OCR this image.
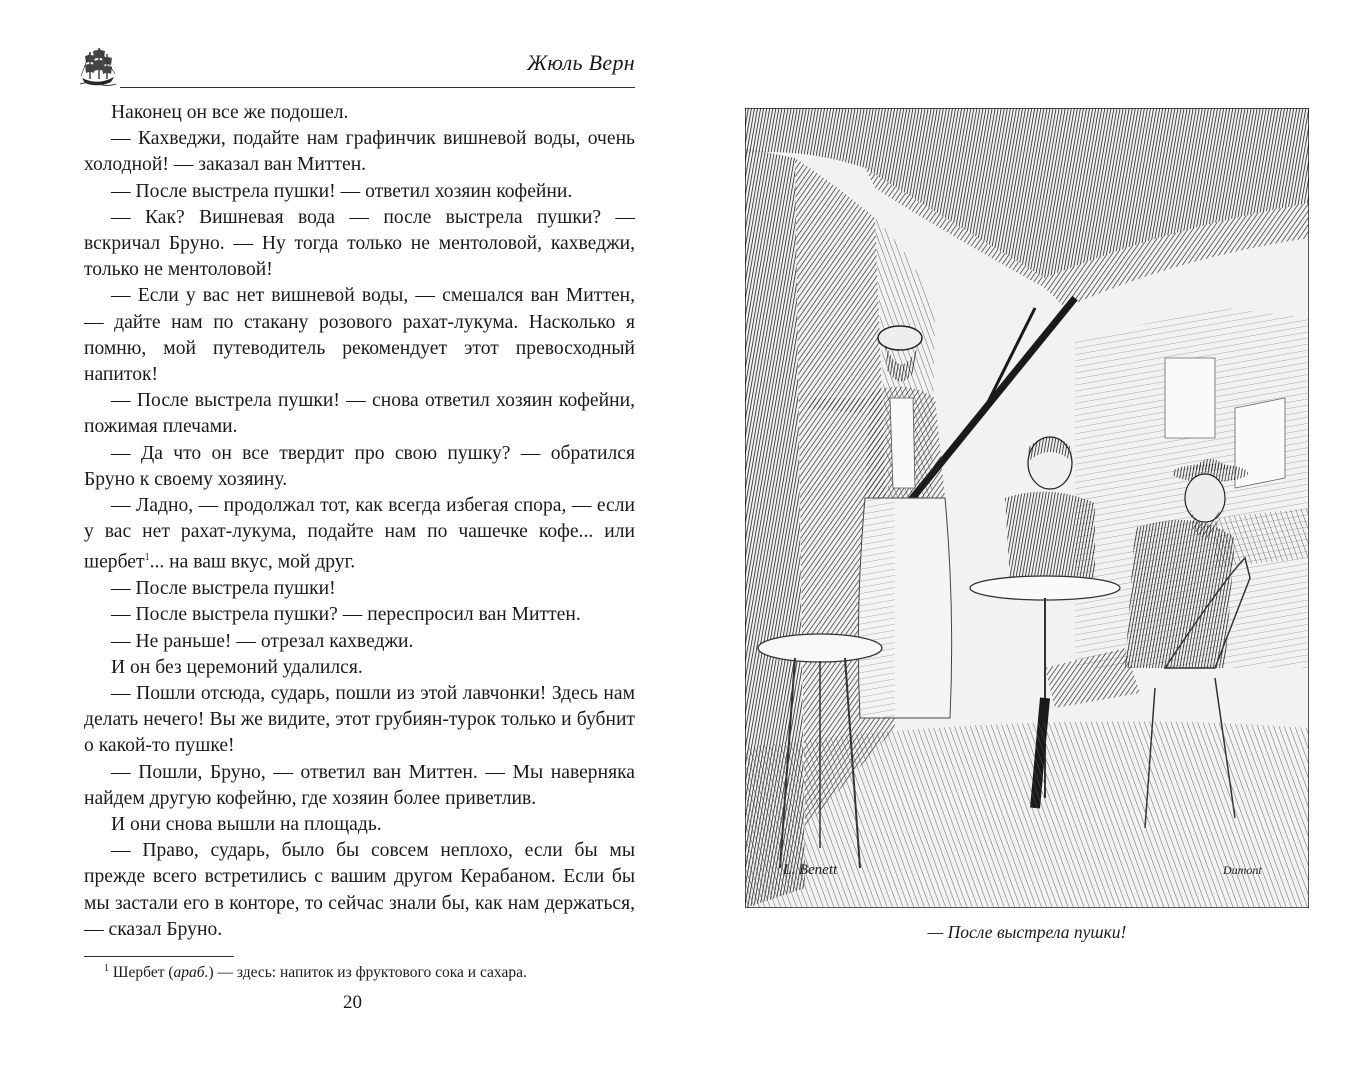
Жюль Верн

Наконец он все же подошел.

— Кахведжи, подайте нам графинчик вишневой воды, очень холодной! — заказал ван Миттен.

— После выстрела пушки! — ответил хозяин кофейни.

— Как? Вишневая вода — после выстрела пушки? — вскричал Бруно. — Ну тогда только не ментоловой, кахведжи, только не ментоловой!

— Если у вас нет вишневой воды, — смешался ван Миттен, — дайте нам по стакану розового рахат-лукума. Насколько я помню, мой путеводитель рекомендует этот превосходный напиток!

— После выстрела пушки! — снова ответил хозяин кофейни, пожимая плечами.

— Да что он все твердит про свою пушку? — обратился Бруно к своему хозяину.

— Ладно, — продолжал тот, как всегда избегая спора, — если у вас нет рахат-лукума, подайте нам по чашечке кофе... или шербет$^1$... на ваш вкус, мой друг.

— После выстрела пушки!

— После выстрела пушки? — переспросил ван Миттен.

— Не раньше! — отрезал кахведжи.

И он без церемоний удалился.

— Пошли отсюда, сударь, пошли из этой лавчонки! Здесь нам делать нечего! Вы же видите, этот грубиян-турок только и бубнит о какой-то пушке!

— Пошли, Бруно, — ответил ван Миттен. — Мы наверняка найдем другую кофейню, где хозяин более приветлив.

И они снова вышли на площадь.

— Право, сударь, было бы совсем неплохо, если бы мы прежде всего встретились с вашим другом Керабаном. Если бы мы застали его в конторе, то сейчас знали бы, как нам держаться, — сказал Бруно.

$^1$ Шербет (араб.) — здесь: напиток из фруктового сока и сахара.
20
L. Benett	Dumont
— После выстрела пушки!
